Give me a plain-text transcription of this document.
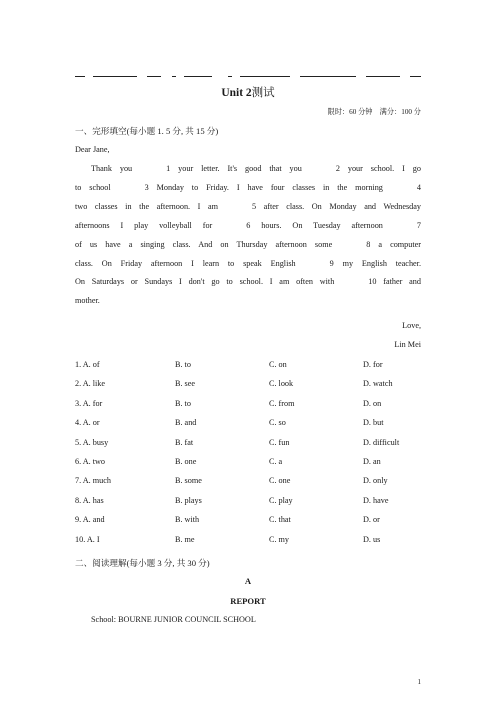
Unit 2测试
限时：60 分钟    满分：100 分
一、完形填空(每小题 1. 5 分, 共 15 分)
Dear Jane,
Thank you	1 your letter. It's good that you	2 your school. I go
to school	3 Monday to Friday. I have four classes in the morning	4
two classes in the afternoon. I am	5 after class. On Monday and Wednesday
afternoons I play volleyball for	6 hours. On Tuesday afternoon	7
of us have a singing class. And on Thursday afternoon some	8 a computer
class. On Friday afternoon I learn to speak English	9 my English teacher.
On Saturdays or Sundays I don't go to school. I am often with	10 father and
mother.
Love,
Lin Mei
1. A. of	B. to	C. on	D. for
2. A. like	B. see	C. look	D. watch
3. A. for	B. to	C. from	D. on
4. A. or	B. and	C. so	D. but
5. A. busy	B. fat	C. fun	D. difficult
6. A. two	B. one	C. a	D. an
7. A. much	B. some	C. one	D. only
8. A. has	B. plays	C. play	D. have
9. A. and	B. with	C. that	D. or
10. A. I	B. me	C. my	D. us
二、阅读理解(每小题 3 分, 共 30 分)
A
REPORT
School: BOURNE JUNIOR COUNCIL SCHOOL
1
